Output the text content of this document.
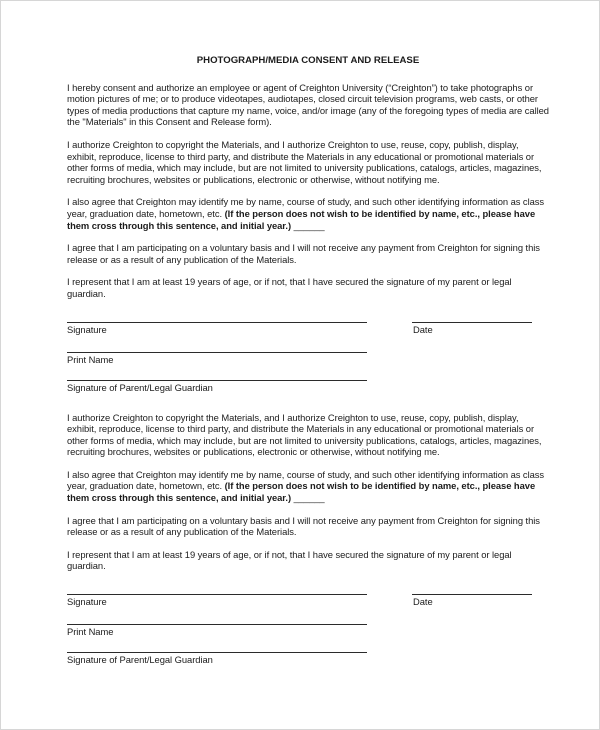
PHOTOGRAPH/MEDIA CONSENT AND RELEASE

I hereby consent and authorize an employee or agent of Creighton University (“Creighton”) to take photographs or motion pictures of me; or to produce videotapes, audiotapes, closed circuit television programs, web casts, or other types of media productions that capture my name, voice, and/or image (any of the foregoing types of media are called the "Materials" in this Consent and Release form).

I authorize Creighton to copyright the Materials, and I authorize Creighton to use, reuse, copy, publish, display, exhibit, reproduce, license to third party, and distribute the Materials in any educational or promotional materials or other forms of media, which may include, but are not limited to university publications, catalogs, articles, magazines, recruiting brochures, websites or publications, electronic or otherwise, without notifying me.

I also agree that Creighton may identify me by name, course of study, and such other identifying information as class year, graduation date, hometown, etc. (If the person does not wish to be identified by name, etc., please have them cross through this sentence, and initial year.) ______

I agree that I am participating on a voluntary basis and I will not receive any payment from Creighton for signing this release or as a result of any publication of the Materials.

I represent that I am at least 19 years of age, or if not, that I have secured the signature of my parent or legal guardian.

Signature	Date
Print Name
Signature of Parent/Legal Guardian

I authorize Creighton to copyright the Materials, and I authorize Creighton to use, reuse, copy, publish, display, exhibit, reproduce, license to third party, and distribute the Materials in any educational or promotional materials or other forms of media, which may include, but are not limited to university publications, catalogs, articles, magazines, recruiting brochures, websites or publications, electronic or otherwise, without notifying me.

I also agree that Creighton may identify me by name, course of study, and such other identifying information as class year, graduation date, hometown, etc. (If the person does not wish to be identified by name, etc., please have them cross through this sentence, and initial year.) ______

I agree that I am participating on a voluntary basis and I will not receive any payment from Creighton for signing this release or as a result of any publication of the Materials.

I represent that I am at least 19 years of age, or if not, that I have secured the signature of my parent or legal guardian.

Signature	Date
Print Name
Signature of Parent/Legal Guardian
